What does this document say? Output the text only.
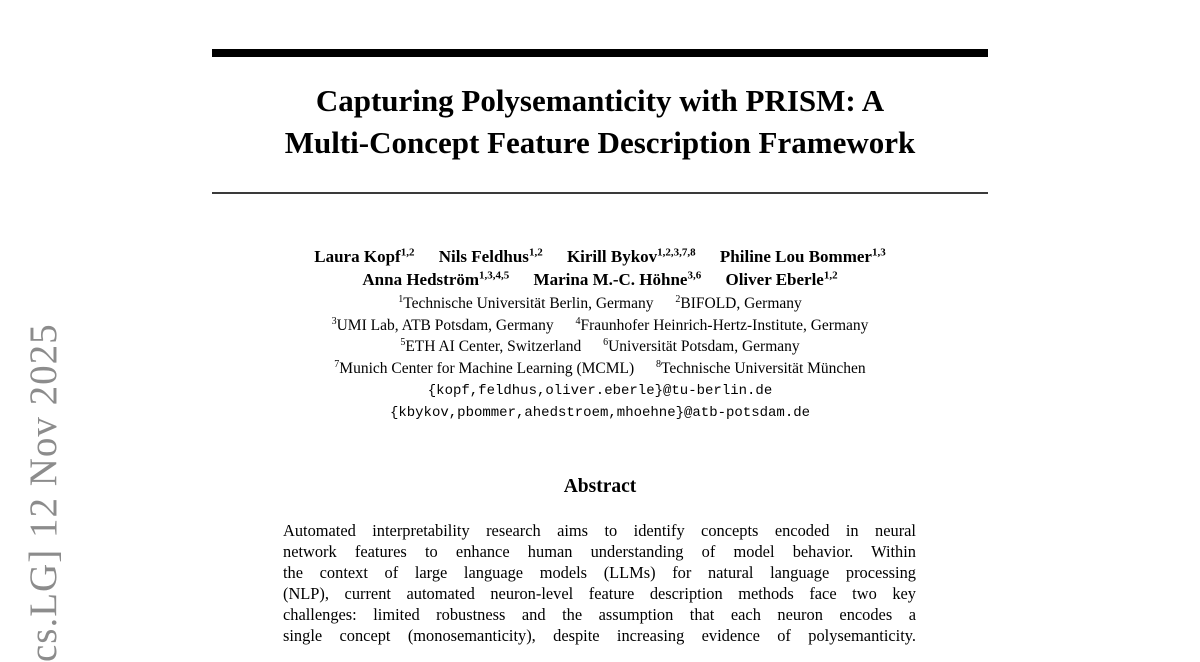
cs.LG] 12 Nov 2025
Capturing Polysemanticity with PRISM: A
Multi-Concept Feature Description Framework
Laura Kopf$^{1,2}$ Nils Feldhus$^{1,2}$ Kirill Bykov$^{1,2,3,7,8}$ Philine Lou Bommer$^{1,3}$
Anna Hedström$^{1,3,4,5}$ Marina M.-C. Höhne$^{3,6}$ Oliver Eberle$^{1,2}$
$^1$Technische Universität Berlin, Germany $^2$BIFOLD, Germany
$^3$UMI Lab, ATB Potsdam, Germany $^4$Fraunhofer Heinrich-Hertz-Institute, Germany
$^5$ETH AI Center, Switzerland $^6$Universität Potsdam, Germany
$^7$Munich Center for Machine Learning (MCML) $^8$Technische Universität München
{kopf,feldhus,oliver.eberle}@tu-berlin.de
{kbykov,pbommer,ahedstroem,mhoehne}@atb-potsdam.de
Abstract
Automated interpretability research aims to identify concepts encoded in neural
network features to enhance human understanding of model behavior. Within
the context of large language models (LLMs) for natural language processing
(NLP), current automated neuron-level feature description methods face two key
challenges: limited robustness and the assumption that each neuron encodes a
single concept (monosemanticity), despite increasing evidence of polysemanticity.
